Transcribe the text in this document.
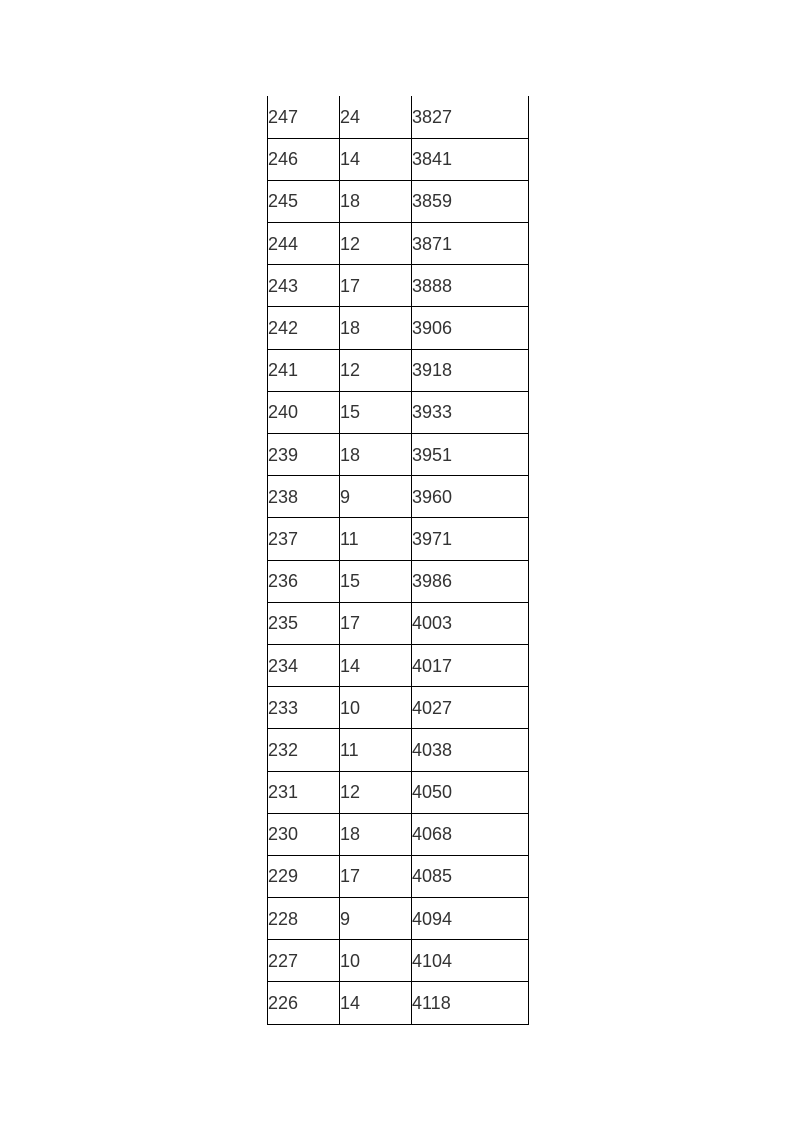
247	24	3827
246	14	3841
245	18	3859
244	12	3871
243	17	3888
242	18	3906
241	12	3918
240	15	3933
239	18	3951
238	9	3960
237	11	3971
236	15	3986
235	17	4003
234	14	4017
233	10	4027
232	11	4038
231	12	4050
230	18	4068
229	17	4085
228	9	4094
227	10	4104
226	14	4118
